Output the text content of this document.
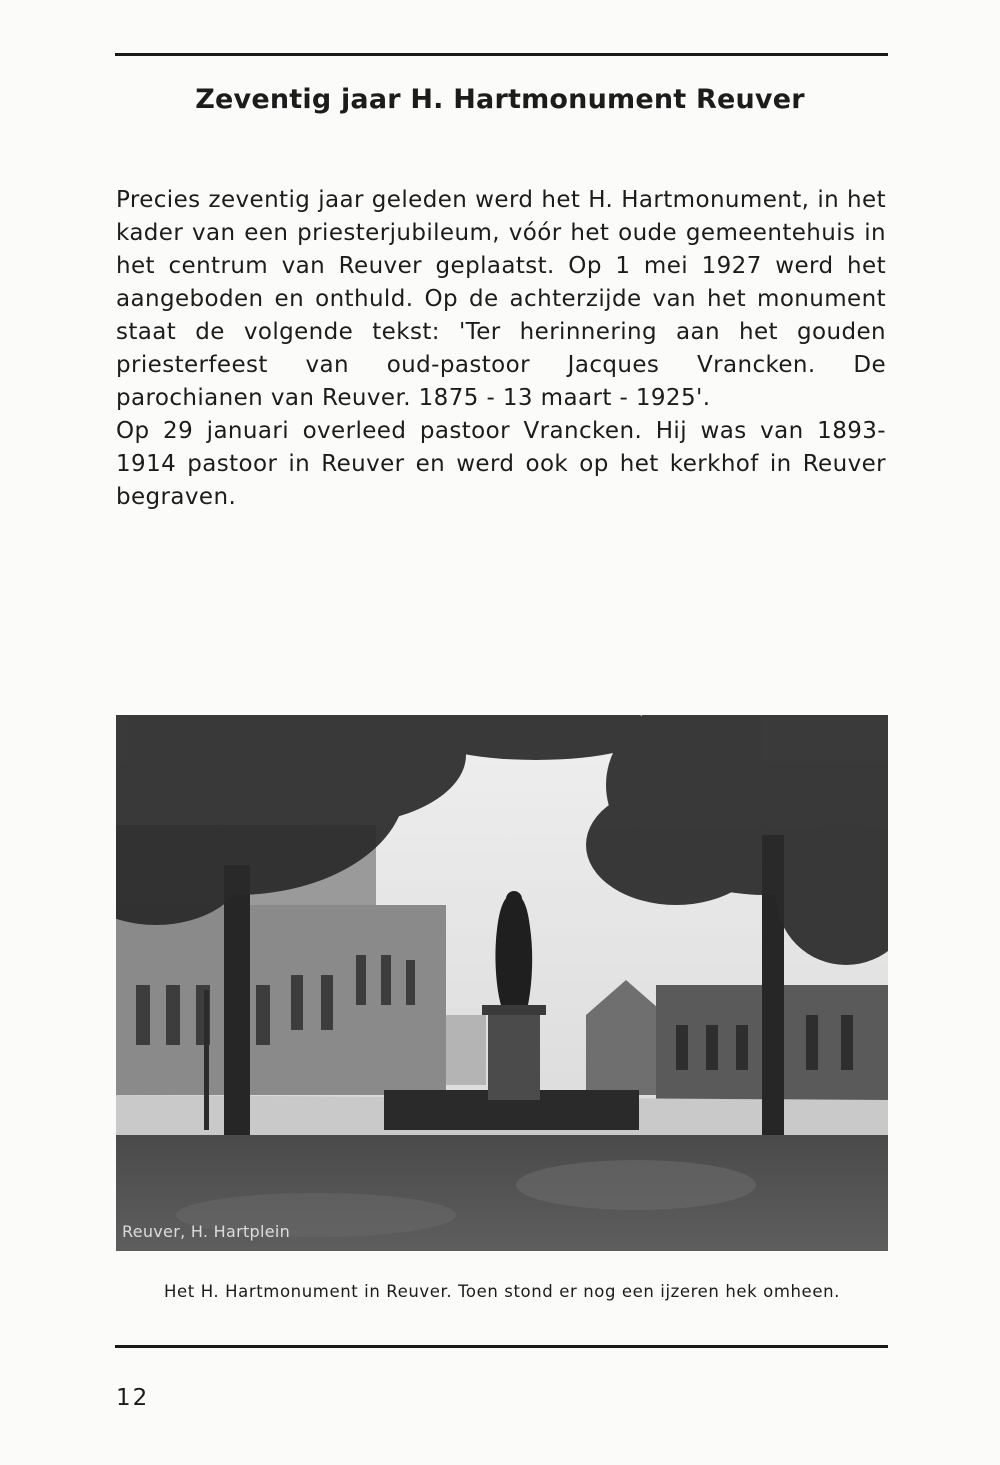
Zeventig jaar H. Hartmonument Reuver

Precies zeventig jaar geleden werd het H. Hartmonument, in het kader van een priesterjubileum, vóór het oude gemeentehuis in het centrum van Reuver geplaatst. Op 1 mei 1927 werd het aangeboden en onthuld. Op de achterzijde van het monument staat de volgende tekst: 'Ter herinnering aan het gouden priesterfeest van oud-pastoor Jacques Vrancken. De parochianen van Reuver. 1875 - 13 maart - 1925'.

Op 29 januari overleed pastoor Vrancken. Hij was van 1893-1914 pastoor in Reuver en werd ook op het kerkhof in Reuver begraven.

Reuver, H. Hartplein

Het H. Hartmonument in Reuver. Toen stond er nog een ijzeren hek omheen.

12
